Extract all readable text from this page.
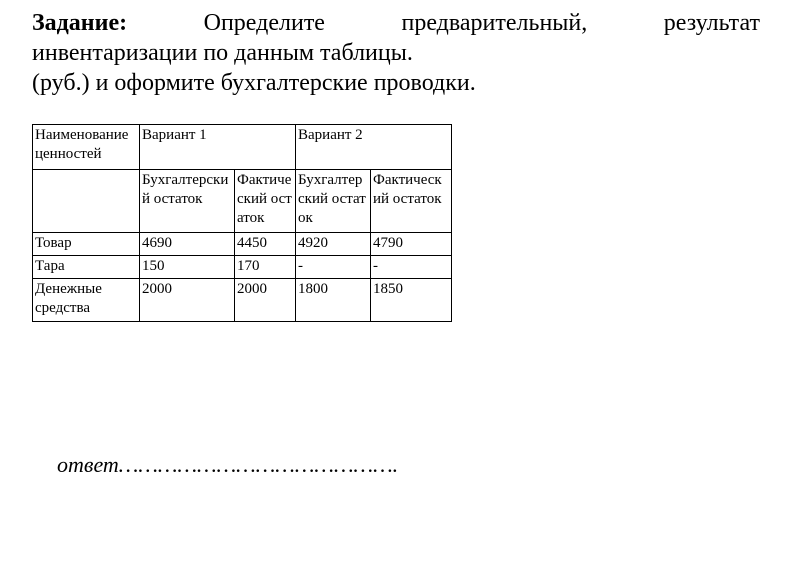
Задание:	Определите	предварительный,	результат
инвентаризации по данным таблицы.
(руб.) и оформите бухгалтерские проводки.
Наименование ценностей	Вариант 1		Вариант 2	
	Бухгалтерский остаток	Фактический остаток	Бухгалтерский остаток	Фактический остаток
Товар	4690	4450	4920	4790
Тара	150	170	-	-
Денежные средства	2000	2000	1800	1850
ответ…………………………………….
